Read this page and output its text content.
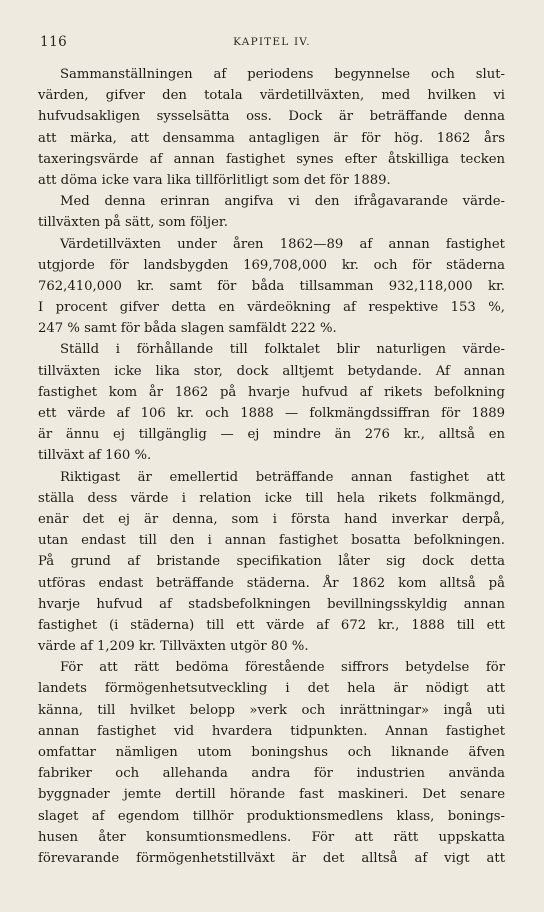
116	KAPITEL IV.
Sammanställningen af periodens begynnelse och slut-
värden, gifver den totala värdetillväxten, med hvilken vi
hufvudsakligen sysselsätta oss. Dock är beträffande denna
att märka, att densamma antagligen är för hög. 1862 års
taxeringsvärde af annan fastighet synes efter åtskilliga tecken
att döma icke vara lika tillförlitligt som det för 1889.
Med denna erinran angifva vi den ifrågavarande värde-
tillväxten på sätt, som följer.
Värdetillväxten under åren 1862—89 af annan fastighet
utgjorde för landsbygden 169,708,000 kr. och för städerna
762,410,000 kr. samt för båda tillsamman 932,118,000 kr.
I procent gifver detta en värdeökning af respektive 153 %,
247 % samt för båda slagen samfäldt 222 %.
Ställd i förhållande till folktalet blir naturligen värde-
tillväxten icke lika stor, dock alltjemt betydande. Af annan
fastighet kom år 1862 på hvarje hufvud af rikets befolkning
ett värde af 106 kr. och 1888 — folkmängdssiffran för 1889
är ännu ej tillgänglig — ej mindre än 276 kr., alltså en
tillväxt af 160 %.
Riktigast är emellertid beträffande annan fastighet att
ställa dess värde i relation icke till hela rikets folkmängd,
enär det ej är denna, som i första hand inverkar derpå,
utan endast till den i annan fastighet bosatta befolkningen.
På grund af bristande specifikation låter sig dock detta
utföras endast beträffande städerna. År 1862 kom alltså på
hvarje hufvud af stadsbefolkningen bevillningsskyldig annan
fastighet (i städerna) till ett värde af 672 kr., 1888 till ett
värde af 1,209 kr. Tillväxten utgör 80 %.
För att rätt bedöma förestående siffrors betydelse för
landets förmögenhetsutveckling i det hela är nödigt att
känna, till hvilket belopp »verk och inrättningar» ingå uti
annan fastighet vid hvardera tidpunkten. Annan fastighet
omfattar nämligen utom boningshus och liknande äfven
fabriker och allehanda andra för industrien använda
byggnader jemte dertill hörande fast maskineri. Det senare
slaget af egendom tillhör produktionsmedlens klass, bonings-
husen åter konsumtionsmedlens. För att rätt uppskatta
förevarande förmögenhetstillväxt är det alltså af vigt att
